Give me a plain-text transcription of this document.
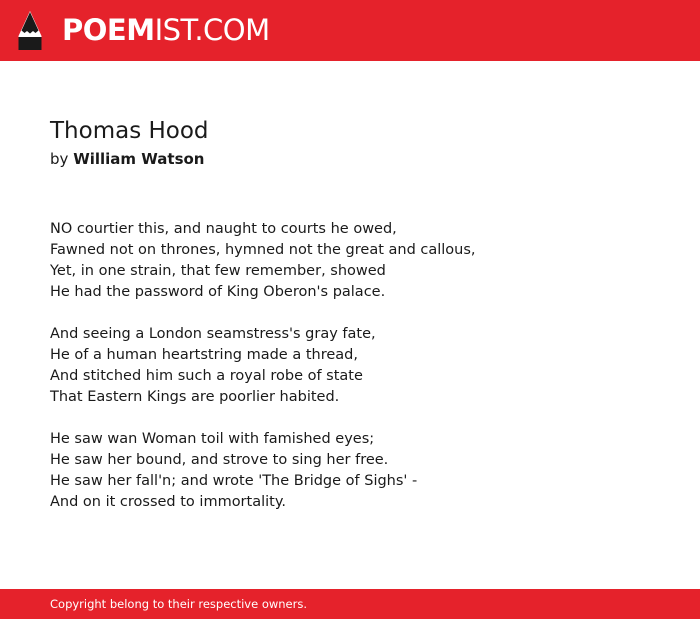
POEMIST.COM
Thomas Hood
by William Watson
NO courtier this, and naught to courts he owed,
Fawned not on thrones, hymned not the great and callous,
Yet, in one strain, that few remember, showed
He had the password of King Oberon's palace.
And seeing a London seamstress's gray fate,
He of a human heartstring made a thread,
And stitched him such a royal robe of state
That Eastern Kings are poorlier habited.
He saw wan Woman toil with famished eyes;
He saw her bound, and strove to sing her free.
He saw her fall'n; and wrote 'The Bridge of Sighs' -
And on it crossed to immortality.
Copyright belong to their respective owners.
